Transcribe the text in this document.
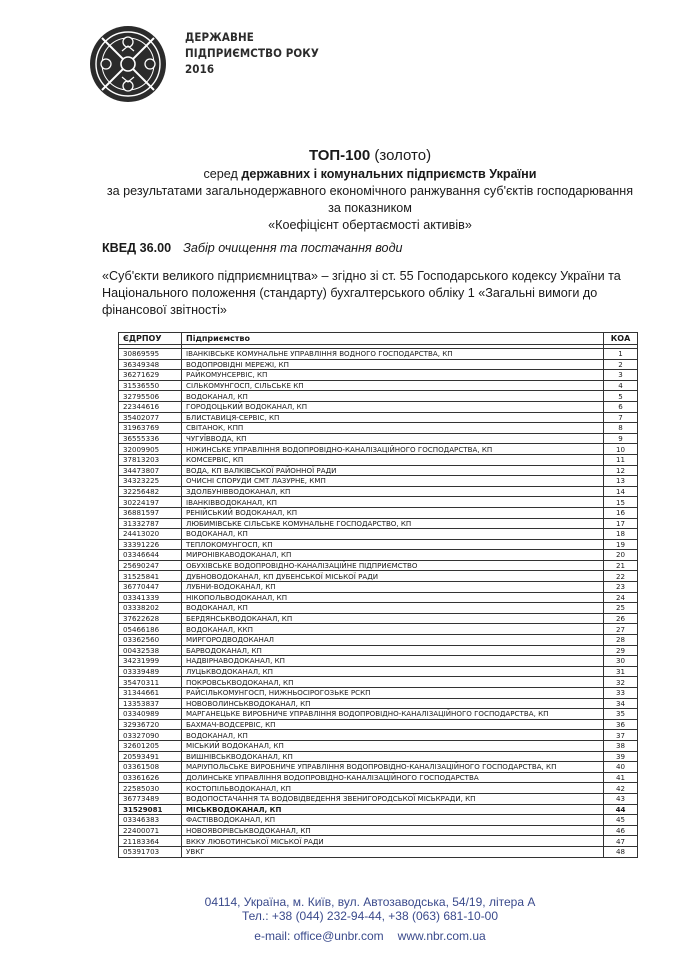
ДЕРЖАВНЕ
ПІДПРИЄМСТВО РОКУ
2016
ТОП-100 (золото)
серед державних і комунальних підприємств України
за результатами загальнодержавного економічного ранжування суб'єктів господарювання
за показником
«Коефіцієнт обертаємості активів»
КВЕД 36.00 Забір очищення та постачання води
«Суб'єкти великого підприємництва» – згідно зі ст. 55 Господарського кодексу України та Національного положення (стандарту) бухгалтерського обліку 1 «Загальні вимоги до фінансової звітності»
ЄДРПОУ	Підприємство	КОА

30869595	ІВАНКІВСЬКЕ КОМУНАЛЬНЕ УПРАВЛІННЯ ВОДНОГО ГОСПОДАРСТВА, КП	1
36349348	ВОДОПРОВІДНІ МЕРЕЖІ, КП	2
36271629	РАЙКОМУНСЕРВІС, КП	3
31536550	СІЛЬКОМУНГОСП, СІЛЬСЬКЕ КП	4
32795506	ВОДОКАНАЛ, КП	5
22344616	ГОРОДОЦЬКИЙ ВОДОКАНАЛ, КП	6
35402077	БЛИСТАВИЦЯ-СЕРВІС, КП	7
31963769	СВІТАНОК, КПП	8
36555336	ЧУГУЇВВОДА, КП	9
32009905	НІЖИНСЬКЕ УПРАВЛІННЯ ВОДОПРОВІДНО-КАНАЛІЗАЦІЙНОГО ГОСПОДАРСТВА, КП	10
37813203	КОМСЕРВІС, КП	11
34473807	ВОДА, КП ВАЛКІВСЬКОЇ РАЙОННОЇ РАДИ	12
34323225	ОЧИСНІ СПОРУДИ СМТ ЛАЗУРНЕ, КМП	13
32256482	ЗДОЛБУНІВВОДОКАНАЛ, КП	14
30224197	ІВАНКІВВОДОКАНАЛ, КП	15
36881597	РЕНІЙСЬКИЙ ВОДОКАНАЛ, КП	16
31332787	ЛЮБИМІВСЬКЕ СІЛЬСЬКЕ КОМУНАЛЬНЕ ГОСПОДАРСТВО, КП	17
24413020	ВОДОКАНАЛ, КП	18
33391226	ТЕПЛОКОМУНГОСП, КП	19
03346644	МИРОНІВКАВОДОКАНАЛ, КП	20
25690247	ОБУХІВСЬКЕ ВОДОПРОВІДНО-КАНАЛІЗАЦІЙНЕ ПІДПРИЄМСТВО	21
31525841	ДУБНОВОДОКАНАЛ, КП ДУБЕНСЬКОЇ МІСЬКОЇ РАДИ	22
36770447	ЛУБНИ-ВОДОКАНАЛ, КП	23
03341339	НІКОПОЛЬВОДОКАНАЛ, КП	24
03338202	ВОДОКАНАЛ, КП	25
37622628	БЕРДЯНСЬКВОДОКАНАЛ, КП	26
05466186	ВОДОКАНАЛ, ККП	27
03362560	МИРГОРОДВОДОКАНАЛ	28
00432538	БАРВОДОКАНАЛ, КП	29
34231999	НАДВІРНАВОДОКАНАЛ, КП	30
03339489	ЛУЦЬКВОДОКАНАЛ, КП	31
35470311	ПОКРОВСЬКВОДОКАНАЛ, КП	32
31344661	РАЙСІЛЬКОМУНГОСП, НИЖНЬОСІРОГОЗЬКЕ РСКП	33
13353837	НОВОВОЛИНСЬКВОДОКАНАЛ, КП	34
03340989	МАРГАНЕЦЬКЕ ВИРОБНИЧЕ УПРАВЛІННЯ ВОДОПРОВІДНО-КАНАЛІЗАЦІЙНОГО ГОСПОДАРСТВА, КП	35
32936720	БАХМАЧ-ВОДСЕРВІС, КП	36
03327090	ВОДОКАНАЛ, КП	37
32601205	МІСЬКИЙ ВОДОКАНАЛ, КП	38
20593491	ВИШНІВСЬКВОДОКАНАЛ, КП	39
03361508	МАРІУПОЛЬСЬКЕ ВИРОБНИЧЕ УПРАВЛІННЯ ВОДОПРОВІДНО-КАНАЛІЗАЦІЙНОГО ГОСПОДАРСТВА, КП	40
03361626	ДОЛИНСЬКЕ УПРАВЛІННЯ ВОДОПРОВІДНО-КАНАЛІЗАЦІЙНОГО ГОСПОДАРСТВА	41
22585030	КОСТОПІЛЬВОДОКАНАЛ, КП	42
36773489	ВОДОПОСТАЧАННЯ ТА ВОДОВІДВЕДЕННЯ ЗВЕНИГОРОДСЬКОЇ МІСЬКРАДИ, КП	43
31529081	МІСЬКВОДОКАНАЛ, КП	44
03346383	ФАСТІВВОДОКАНАЛ, КП	45
22400071	НОВОЯВОРІВСЬКВОДОКАНАЛ, КП	46
21183364	ВККУ ЛЮБОТИНСЬКОЇ МІСЬКОЇ РАДИ	47
05391703	УВКГ	48
04114, Україна, м. Київ, вул. Автозаводська, 54/19, літера А
Тел.: +38 (044) 232-94-44, +38 (063) 681-10-00
e-mail: office@unbr.com www.nbr.com.ua
